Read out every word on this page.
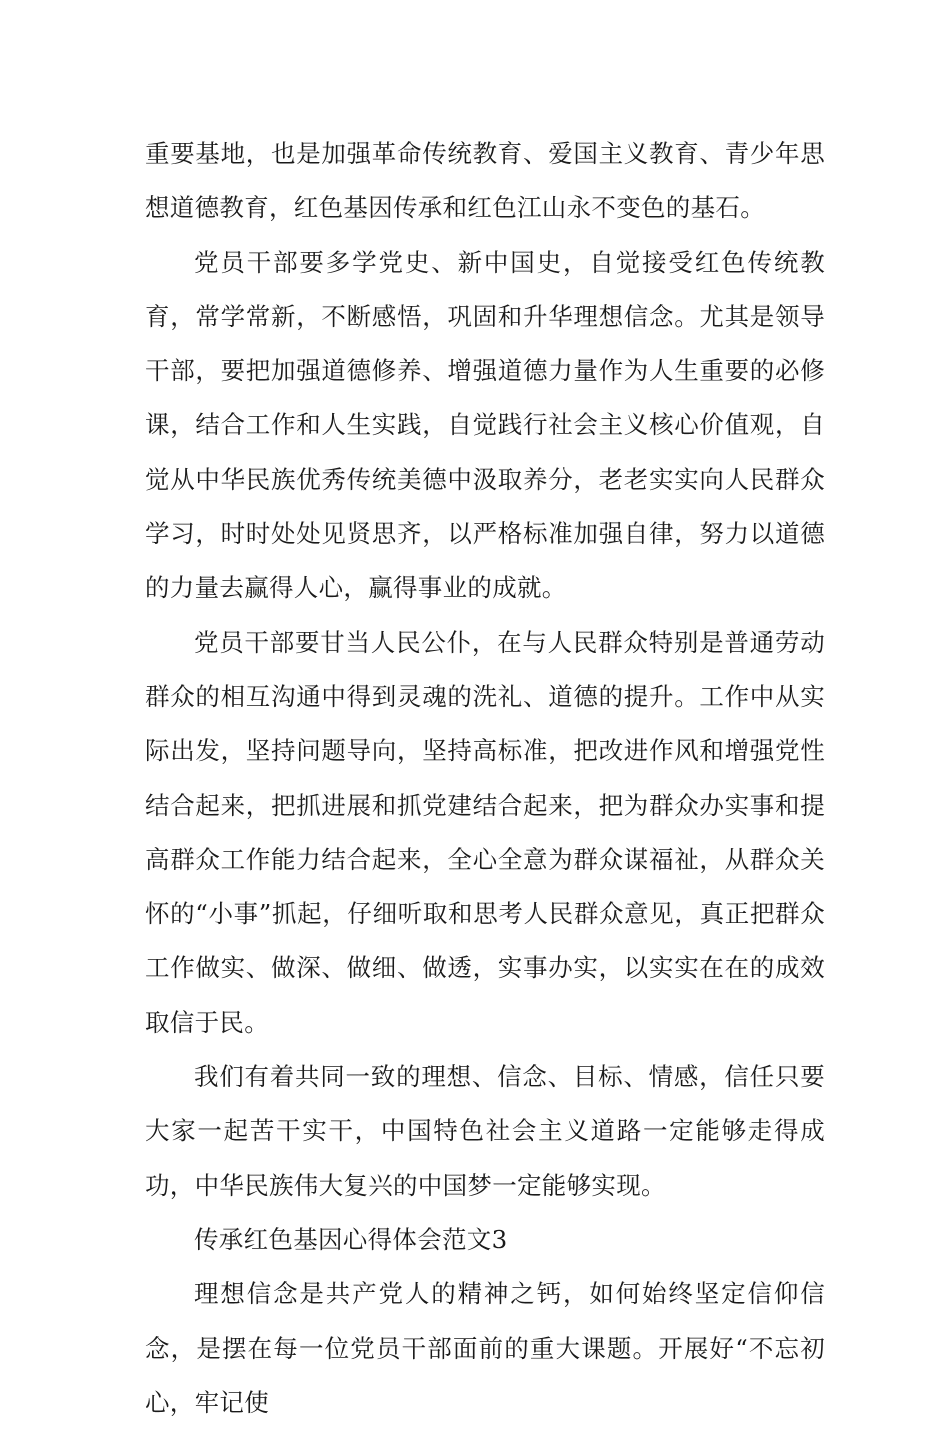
重要基地，也是加强革命传统教育、爱国主义教育、青少年思想道德教育，红色基因传承和红色江山永不变色的基石。

党员干部要多学党史、新中国史，自觉接受红色传统教育，常学常新，不断感悟，巩固和升华理想信念。尤其是领导干部，要把加强道德修养、增强道德力量作为人生重要的必修课，结合工作和人生实践，自觉践行社会主义核心价值观，自觉从中华民族优秀传统美德中汲取养分，老老实实向人民群众学习，时时处处见贤思齐，以严格标准加强自律，努力以道德的力量去赢得人心，赢得事业的成就。

党员干部要甘当人民公仆，在与人民群众特别是普通劳动群众的相互沟通中得到灵魂的洗礼、道德的提升。工作中从实际出发，坚持问题导向，坚持高标准，把改进作风和增强党性结合起来，把抓进展和抓党建结合起来，把为群众办实事和提高群众工作能力结合起来，全心全意为群众谋福祉，从群众关怀的“小事”抓起，仔细听取和思考人民群众意见，真正把群众工作做实、做深、做细、做透，实事办实，以实实在在的成效取信于民。

我们有着共同一致的理想、信念、目标、情感，信任只要大家一起苦干实干，中国特色社会主义道路一定能够走得成功，中华民族伟大复兴的中国梦一定能够实现。

传承红色基因心得体会范文3

理想信念是共产党人的精神之钙，如何始终坚定信仰信念，是摆在每一位党员干部面前的重大课题。开展好“不忘初心，牢记使
